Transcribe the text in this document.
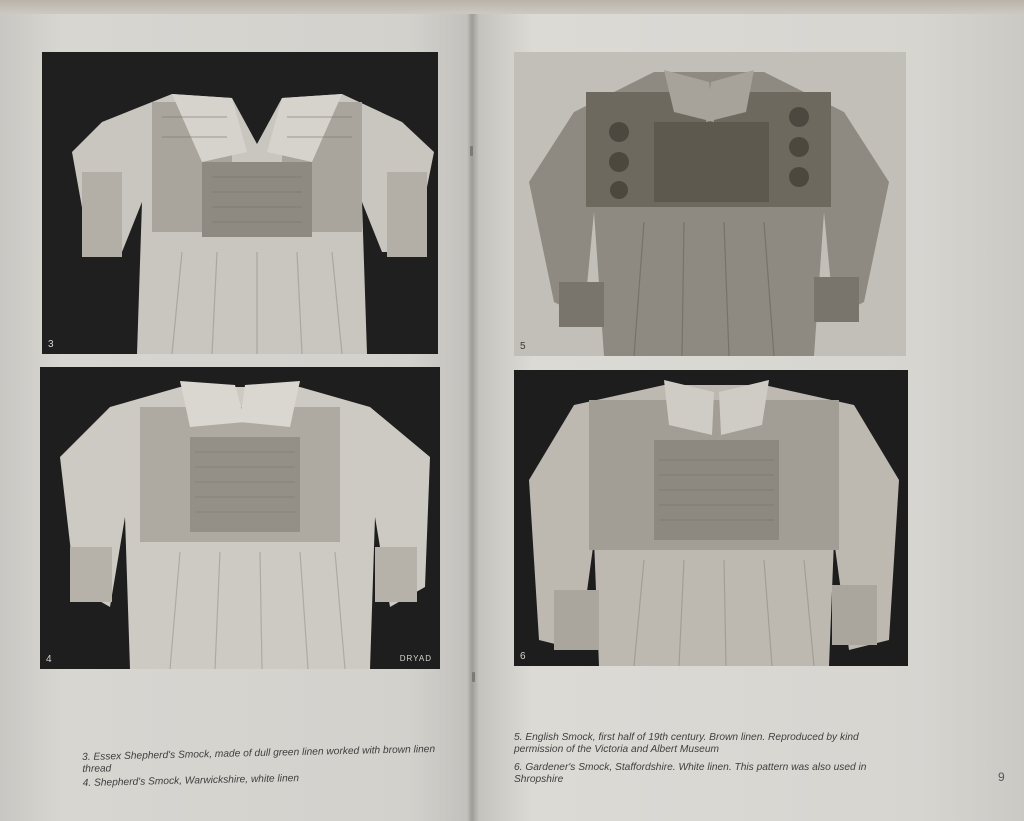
3
4	DRYAD

3. Essex Shepherd's Smock, made of dull green linen worked with brown linen thread

4. Shepherd's Smock, Warwickshire, white linen

5
6

5. English Smock, first half of 19th century. Brown linen. Reproduced by kind permission of the Victoria and Albert Museum

6. Gardener's Smock, Staffordshire. White linen. This pattern was also used in Shropshire	9
